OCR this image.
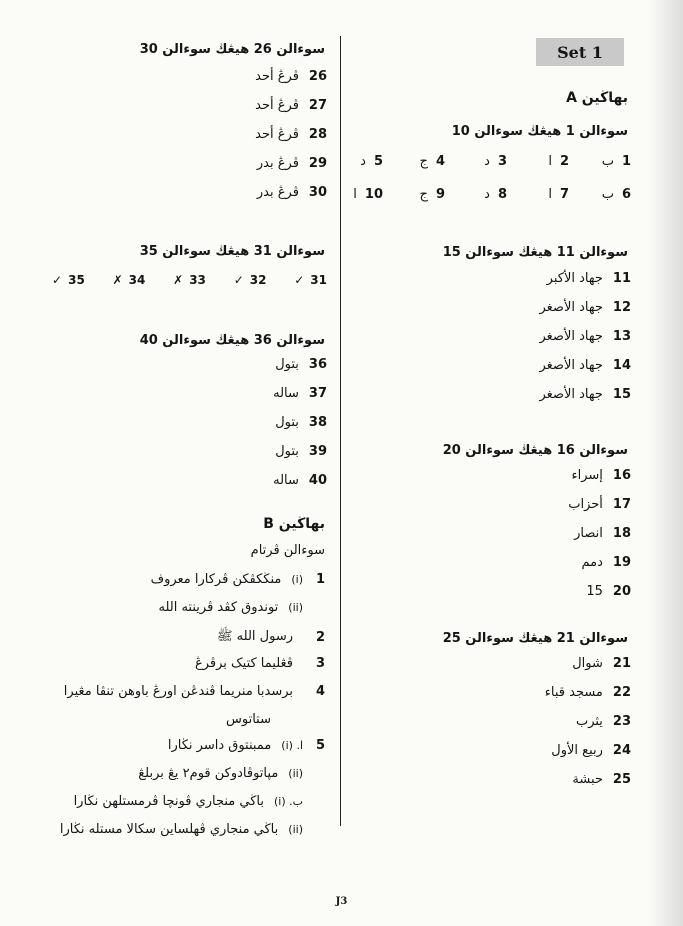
Set 1
بهاڬين A
سوءالن 1 هيڠڬ سوءالن 10
1
ب
2
ا
3
د
4
ج
5
د
6
ب
7
ا
8
د
9
ج
10
ا
سوءالن 11 هيڠڬ سوءالن 15
11
جهاد الأكبر
12
جهاد الأصغر
13
جهاد الأصغر
14
جهاد الأصغر
15
جهاد الأصغر
سوءالن 16 هيڠڬ سوءالن 20
16
إسراء
17
أحزاب
18
انصار
19
دمم
20
15
سوءالن 21 هيڠڬ سوءالن 25
21
شوال
22
مسجد قباء
23
يثرب
24
ربيع الأول
25
حبشة
سوءالن 26 هيڠڬ سوءالن 30
26
ڤرڠ أحد
27
ڤرڠ أحد
28
ڤرڠ أحد
29
ڤرڠ بدر
30
ڤرڠ بدر
سوءالن 31 هيڠڬ سوءالن 35
31
✓
32
✓
33
✗
34
✗
35
✓
سوءالن 36 هيڠڬ سوءالن 40
36
بتول
37
ساله
38
بتول
39
بتول
40
ساله
بهاڬين B
سوءالن ڤرتام
1
(i)
منڬكڤكن ڤركارا معروف
(ii)
توندوق كڤد ڤرينته الله
2
رسول الله ﷺ
3
ڤڠليما كتيک برڤرڠ
4
برسدبا منريما ڤندڠن اورڠ باوهن تنڤا مڠيرا
ستاتوس
5
ا. (i)
ممبنتوق داسر نڬارا
(ii)
مڽاتوڤادوكن قوم٢ يڠ بربلڠ
ب. (i)
باڬي منجاري ڤونچا ڤرمستلهن نڬارا
(ii)
باڬي منجاري ڤهلساين سكالا مستله نڬارا
J3
